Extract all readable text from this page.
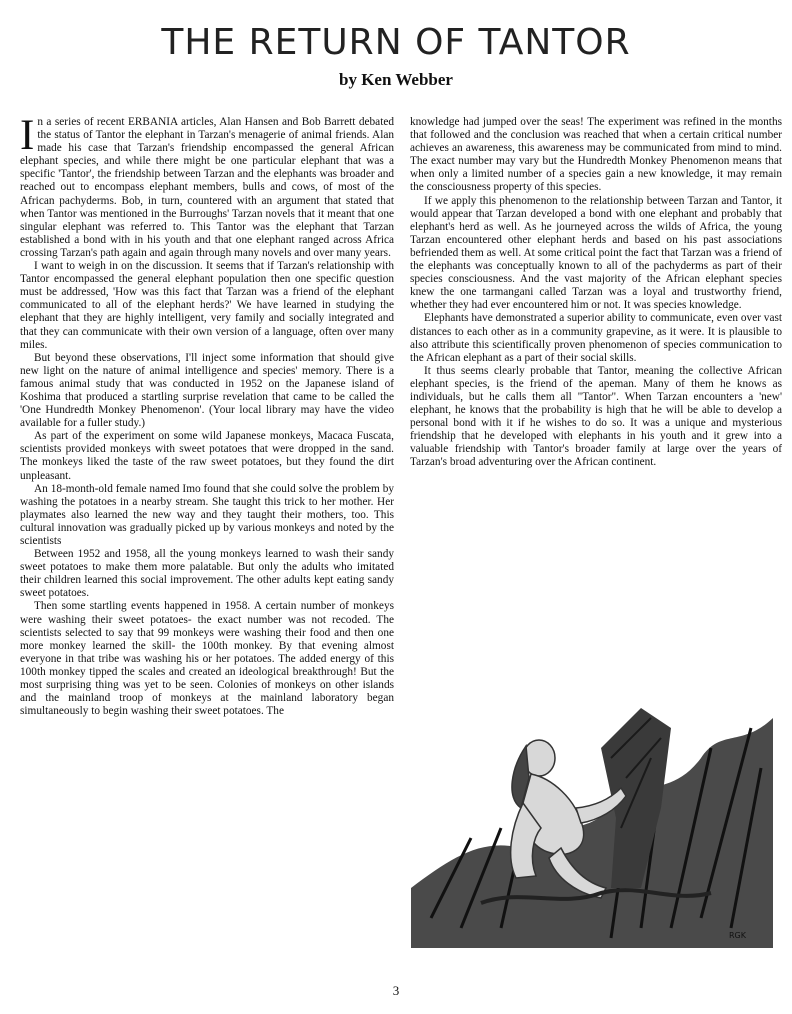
THE RETURN OF TANTOR
by Ken Webber

In a series of recent ERBANIA articles, Alan Hansen and Bob Barrett debated the status of Tantor the elephant in Tarzan's menagerie of animal friends. Alan made his case that Tarzan's friendship encompassed the general African elephant species, and while there might be one particular elephant that was a specific 'Tantor', the friendship between Tarzan and the elephants was broader and reached out to encompass elephant members, bulls and cows, of most of the African pachyderms. Bob, in turn, countered with an argument that stated that when Tantor was mentioned in the Burroughs' Tarzan novels that it meant that one singular elephant was referred to. This Tantor was the elephant that Tarzan established a bond with in his youth and that one elephant ranged across Africa crossing Tarzan's path again and again through many novels and over many years.

I want to weigh in on the discussion. It seems that if Tarzan's relationship with Tantor encompassed the general elephant population then one specific question must be addressed, 'How was this fact that Tarzan was a friend of the elephant communicated to all of the elephant herds?' We have learned in studying the elephant that they are highly intelligent, very family and socially integrated and that they can communicate with their own version of a language, often over many miles.

But beyond these observations, I'll inject some information that should give new light on the nature of animal intelligence and species' memory. There is a famous animal study that was conducted in 1952 on the Japanese island of Koshima that produced a startling surprise revelation that came to be called the 'One Hundredth Monkey Phenomenon'. (Your local library may have the video available for a fuller study.)

As part of the experiment on some wild Japanese monkeys, Macaca Fuscata, scientists provided monkeys with sweet potatoes that were dropped in the sand. The monkeys liked the taste of the raw sweet potatoes, but they found the dirt unpleasant.

An 18-month-old female named Imo found that she could solve the problem by washing the potatoes in a nearby stream. She taught this trick to her mother. Her playmates also learned the new way and they taught their mothers, too. This cultural innovation was gradually picked up by various monkeys and noted by the scientists

Between 1952 and 1958, all the young monkeys learned to wash their sandy sweet potatoes to make them more palatable. But only the adults who imitated their children learned this social improvement. The other adults kept eating sandy sweet potatoes.

Then some startling events happened in 1958. A certain number of monkeys were washing their sweet potatoes- the exact number was not recoded. The scientists selected to say that 99 monkeys were washing their food and then one more monkey learned the skill- the 100th monkey. By that evening almost everyone in that tribe was washing his or her potatoes. The added energy of this 100th monkey tipped the scales and created an ideological breakthrough! But the most surprising thing was yet to be seen. Colonies of monkeys on other islands and the mainland troop of monkeys at the mainland laboratory began simultaneously to begin washing their sweet potatoes. The

knowledge had jumped over the seas! The experiment was refined in the months that followed and the conclusion was reached that when a certain critical number achieves an awareness, this awareness may be communicated from mind to mind. The exact number may vary but the Hundredth Monkey Phenomenon means that when only a limited number of a species gain a new knowledge, it may remain the consciousness property of this species.

If we apply this phenomenon to the relationship between Tarzan and Tantor, it would appear that Tarzan developed a bond with one elephant and probably that elephant's herd as well. As he journeyed across the wilds of Africa, the young Tarzan encountered other elephant herds and based on his past associations befriended them as well. At some critical point the fact that Tarzan was a friend of the elephants was conceptually known to all of the pachyderms as part of their species consciousness. And the vast majority of the African elephant species knew the one tarmangani called Tarzan was a loyal and trustworthy friend, whether they had ever encountered him or not. It was species knowledge.

Elephants have demonstrated a superior ability to communicate, even over vast distances to each other as in a community grapevine, as it were. It is plausible to also attribute this scientifically proven phenomenon of species communication to the African elephant as a part of their social skills.

It thus seems clearly probable that Tantor, meaning the collective African elephant species, is the friend of the apeman. Many of them he knows as individuals, but he calls them all "Tantor". When Tarzan encounters a 'new' elephant, he knows that the probability is high that he will be able to develop a personal bond with it if he wishes to do so. It was a unique and mysterious friendship that he developed with elephants in his youth and it grew into a valuable friendship with Tantor's broader family at large over the years of Tarzan's broad adventuring over the African continent.

RGK
3
